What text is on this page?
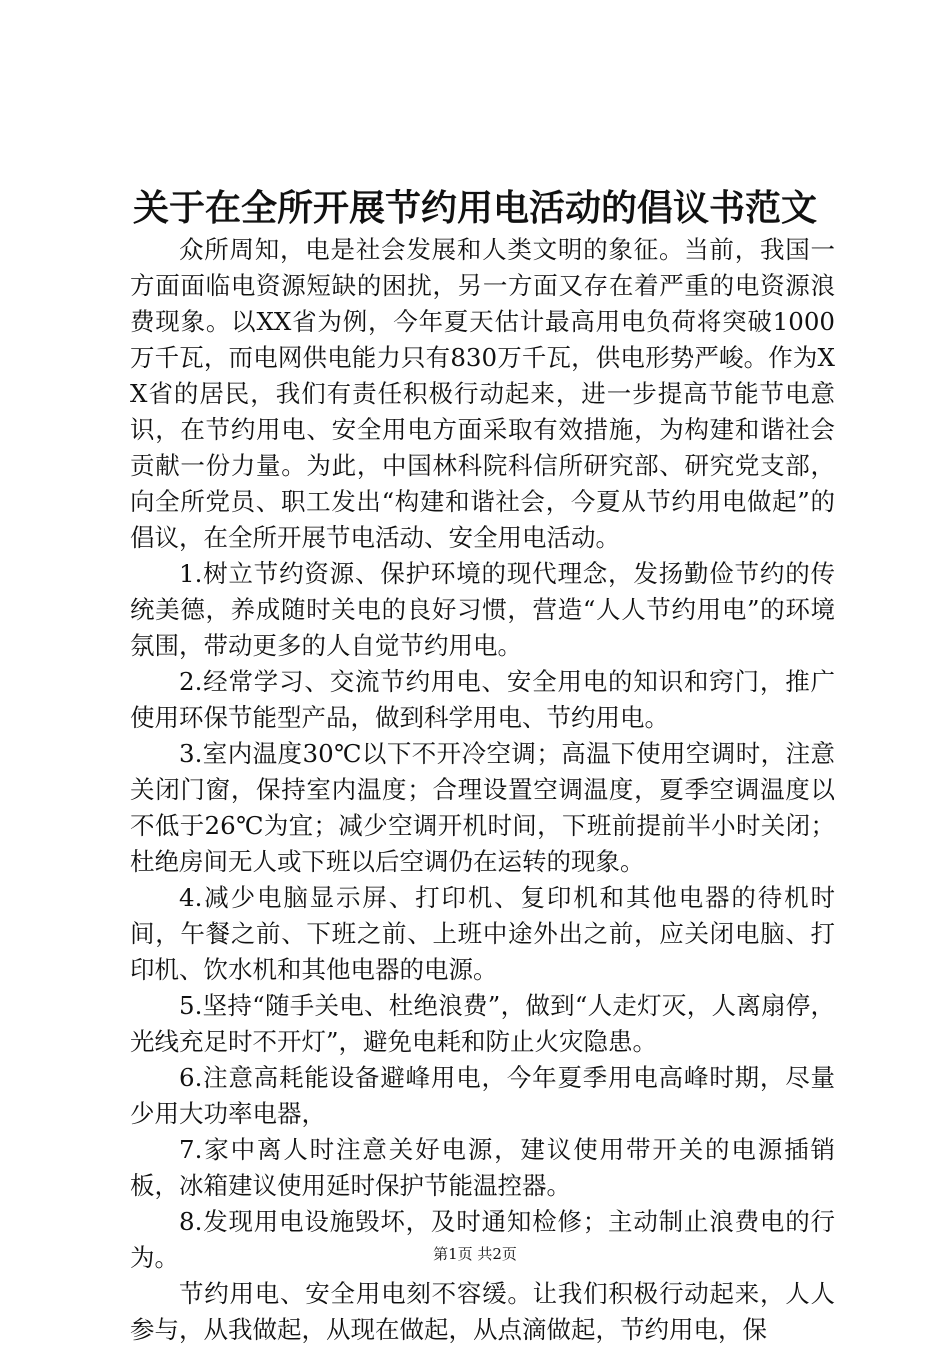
关于在全所开展节约用电活动的倡议书范文

众所周知，电是社会发展和人类文明的象征。当前，我国一方面面临电资源短缺的困扰，另一方面又存在着严重的电资源浪费现象。以XX省为例，今年夏天估计最高用电负荷将突破1000万千瓦，而电网供电能力只有830万千瓦，供电形势严峻。作为XX省的居民，我们有责任积极行动起来，进一步提高节能节电意识，在节约用电、安全用电方面采取有效措施，为构建和谐社会贡献一份力量。为此，中国林科院科信所研究部、研究党支部，向全所党员、职工发出“构建和谐社会，今夏从节约用电做起”的倡议，在全所开展节电活动、安全用电活动。

1.树立节约资源、保护环境的现代理念，发扬勤俭节约的传统美德，养成随时关电的良好习惯，营造“人人节约用电”的环境氛围，带动更多的人自觉节约用电。

2.经常学习、交流节约用电、安全用电的知识和窍门，推广使用环保节能型产品，做到科学用电、节约用电。

3.室内温度30℃以下不开冷空调；高温下使用空调时，注意关闭门窗，保持室内温度；合理设置空调温度，夏季空调温度以不低于26℃为宜；减少空调开机时间，下班前提前半小时关闭；杜绝房间无人或下班以后空调仍在运转的现象。

4.减少电脑显示屏、打印机、复印机和其他电器的待机时间，午餐之前、下班之前、上班中途外出之前，应关闭电脑、打印机、饮水机和其他电器的电源。

5.坚持“随手关电、杜绝浪费”，做到“人走灯灭，人离扇停，光线充足时不开灯”，避免电耗和防止火灾隐患。

6.注意高耗能设备避峰用电，今年夏季用电高峰时期，尽量少用大功率电器，

7.家中离人时注意关好电源，建议使用带开关的电源插销板，冰箱建议使用延时保护节能温控器。

8.发现用电设施毁坏，及时通知检修；主动制止浪费电的行为。

节约用电、安全用电刻不容缓。让我们积极行动起来，人人参与，从我做起，从现在做起，从点滴做起，节约用电，保

第1页 共2页
